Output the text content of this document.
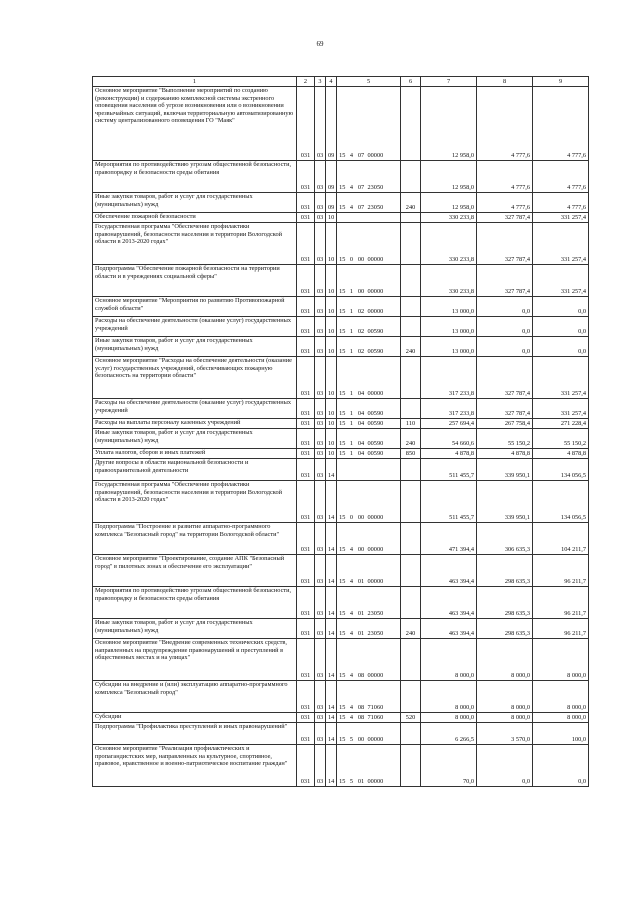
69
1	2	3	4	5				6	7	8	9
Основное мероприятие "Выполнение мероприятий по созданию (реконструкции) и содержанию комплексной системы экстренного оповещения населения об угрозе возникновения или о возникновении чрезвычайных ситуаций, включая территориальную автоматизированную систему централизованного оповещения ГО "Маяк"	031	03	09	15	4	07	00000		12 958,0	4 777,6	4 777,6
Мероприятия по противодействию угрозам общественной безопасности, правопорядку и безопасности среды обитания	031	03	09	15	4	07	23050		12 958,0	4 777,6	4 777,6
Иные закупки товаров, работ и услуг для государственных (муниципальных) нужд	031	03	09	15	4	07	23050	240	12 958,0	4 777,6	4 777,6
Обеспечение пожарной безопасности	031	03	10						330 233,8	327 787,4	331 257,4
Государственная программа "Обеспечение профилактики правонарушений, безопасности населения и территории Вологодской области в 2013-2020 годах"	031	03	10	15	0	00	00000		330 233,8	327 787,4	331 257,4
Подпрограмма "Обеспечение пожарной безопасности на территории области и в учреждениях социальной сферы"	031	03	10	15	1	00	00000		330 233,8	327 787,4	331 257,4
Основное мероприятие "Мероприятия по развитию Противопожарной службой области"	031	03	10	15	1	02	00000		13 000,0	0,0	0,0
Расходы на обеспечение деятельности (оказание услуг) государственных учреждений	031	03	10	15	1	02	00590		13 000,0	0,0	0,0
Иные закупки товаров, работ и услуг для государственных (муниципальных) нужд	031	03	10	15	1	02	00590	240	13 000,0	0,0	0,0
Основное мероприятие "Расходы на обеспечение деятельности (оказание услуг) государственных учреждений, обеспечивающих пожарную безопасность на территории области"	031	03	10	15	1	04	00000		317 233,8	327 787,4	331 257,4
Расходы на обеспечение деятельности (оказание услуг) государственных учреждений	031	03	10	15	1	04	00590		317 233,8	327 787,4	331 257,4
Расходы на выплаты персоналу казенных учреждений	031	03	10	15	1	04	00590	110	257 694,4	267 758,4	271 228,4
Иные закупки товаров, работ и услуг для государственных (муниципальных) нужд	031	03	10	15	1	04	00590	240	54 660,6	55 150,2	55 150,2
Уплата налогов, сборов и иных платежей	031	03	10	15	1	04	00590	850	4 878,8	4 878,8	4 878,8
Другие вопросы в области национальной безопасности и правоохранительной деятельности	031	03	14						511 455,7	339 950,1	134 056,5
Государственная программа "Обеспечение профилактики правонарушений, безопасности населения и территории Вологодской области в 2013-2020 годах"	031	03	14	15	0	00	00000		511 455,7	339 950,1	134 056,5
Подпрограмма "Построение и развитие аппаратно-программного комплекса "Безопасный город" на территории Вологодской области"	031	03	14	15	4	00	00000		471 394,4	306 635,3	104 211,7
Основное мероприятие "Проектирование, создание АПК "Безопасный город" в пилотных зонах и обеспечение его эксплуатации"	031	03	14	15	4	01	00000		463 394,4	298 635,3	96 211,7
Мероприятия по противодействию угрозам общественной безопасности, правопорядку и безопасности среды обитания	031	03	14	15	4	01	23050		463 394,4	298 635,3	96 211,7
Иные закупки товаров, работ и услуг для государственных (муниципальных) нужд	031	03	14	15	4	01	23050	240	463 394,4	298 635,3	96 211,7
Основное мероприятие "Внедрение современных технических средств, направленных на предупреждение правонарушений и преступлений в общественных местах и на улицах"	031	03	14	15	4	08	00000		8 000,0	8 000,0	8 000,0
Субсидии на внедрение и (или) эксплуатацию аппаратно-программного комплекса "Безопасный город"	031	03	14	15	4	08	71060		8 000,0	8 000,0	8 000,0
Субсидии	031	03	14	15	4	08	71060	520	8 000,0	8 000,0	8 000,0
Подпрограмма "Профилактика преступлений и иных правонарушений"	031	03	14	15	5	00	00000		6 266,5	3 570,0	100,0
Основное мероприятие "Реализация профилактических и пропагандистских мер, направленных на культурное, спортивное, правовое, нравственное и военно-патриотическое воспитание граждан"	031	03	14	15	5	01	00000		70,0	0,0	0,0
